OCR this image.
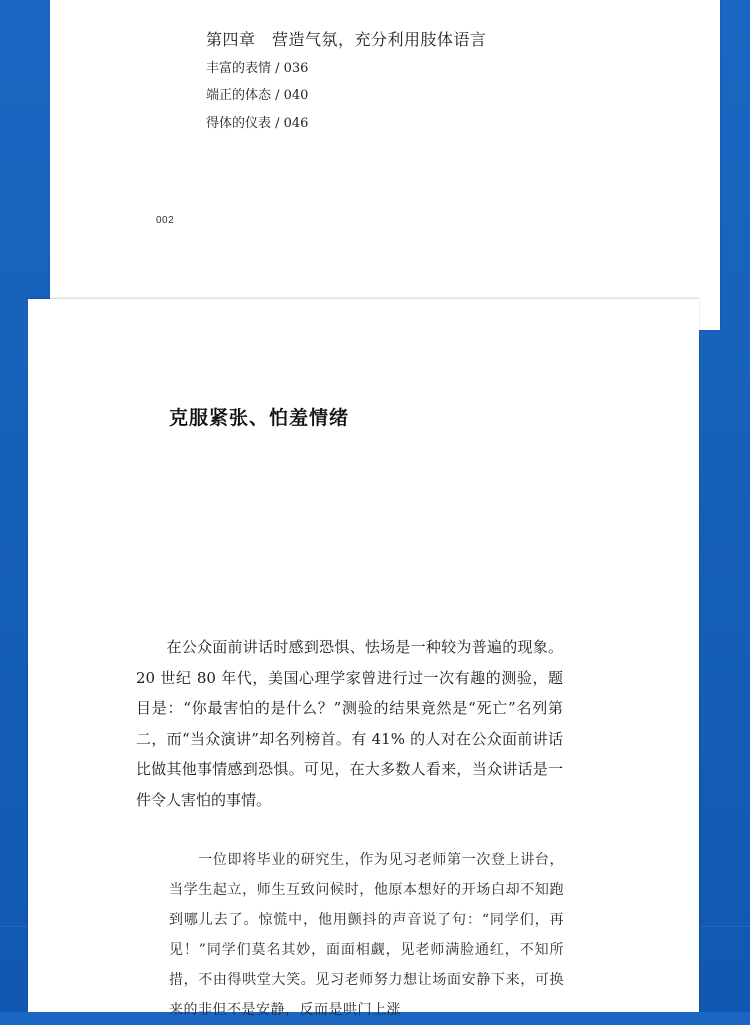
第四章　营造气氛，充分利用肢体语言
丰富的表情 / 036
端正的体态 / 040
得体的仪表 / 046
002
克服紧张、怕羞情绪

　　在公众面前讲话时感到恐惧、怯场是一种较为普遍的现象。20 世纪 80 年代，美国心理学家曾进行过一次有趣的测验，题目是：“你最害怕的是什么？”测验的结果竟然是“死亡”名列第二，而“当众演讲”却名列榜首。有 41% 的人对在公众面前讲话比做其他事情感到恐惧。可见，在大多数人看来，当众讲话是一件令人害怕的事情。

　　一位即将毕业的研究生，作为见习老师第一次登上讲台，当学生起立，师生互致问候时，他原本想好的开场白却不知跑到哪儿去了。惊慌中，他用颤抖的声音说了句：“同学们，再见！”同学们莫名其妙，面面相觑，见老师满脸通红，不知所措，不由得哄堂大笑。见习老师努力想让场面安静下来，可换来的非但不是安静，反而是哄门上涨
